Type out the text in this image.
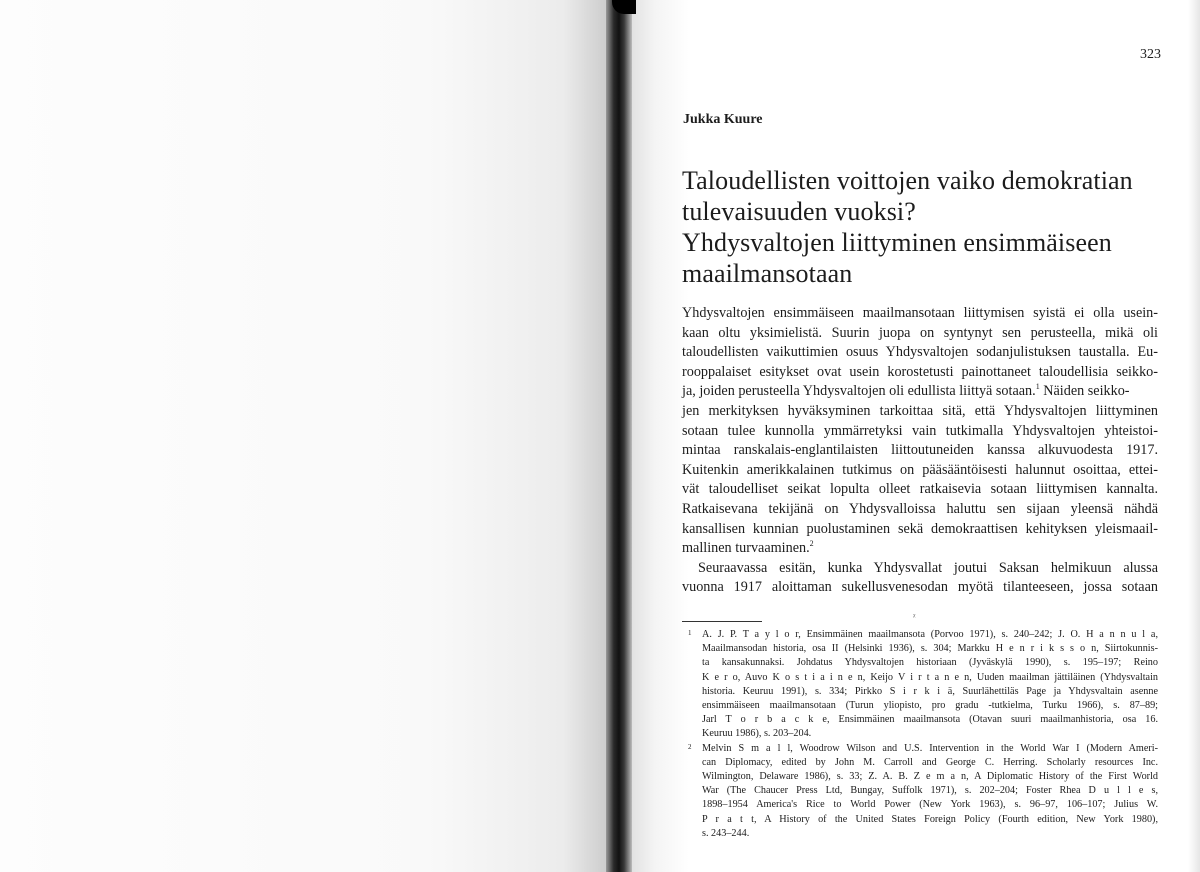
323
Jukka Kuure
Taloudellisten voittojen vaiko demokratian
tulevaisuuden vuoksi?
Yhdysvaltojen liittyminen ensimmäiseen
maailmansotaan
Yhdysvaltojen ensimmäiseen maailmansotaan liittymisen syistä ei olla usein-
kaan oltu yksimielistä. Suurin juopa on syntynyt sen perusteella, mikä oli
taloudellisten vaikuttimien osuus Yhdysvaltojen sodanjulistuksen taustalla. Eu-
rooppalaiset esitykset ovat usein korostetusti painottaneet taloudellisia seikko-
ja, joiden perusteella Yhdysvaltojen oli edullista liittyä sotaan.$^1$ Näiden seikko-
jen merkityksen hyväksyminen tarkoittaa sitä, että Yhdysvaltojen liittyminen
sotaan tulee kunnolla ymmärretyksi vain tutkimalla Yhdysvaltojen yhteistoi-
mintaa ranskalais-englantilaisten liittoutuneiden kanssa alkuvuodesta 1917.
Kuitenkin amerikkalainen tutkimus on pääsääntöisesti halunnut osoittaa, ettei-
vät taloudelliset seikat lopulta olleet ratkaisevia sotaan liittymisen kannalta.
Ratkaisevana tekijänä on Yhdysvalloissa haluttu sen sijaan yleensä nähdä
kansallisen kunnian puolustaminen sekä demokraattisen kehityksen yleismaail-
mallinen turvaaminen.$^2$
Seuraavassa esitän, kunka Yhdysvallat joutui Saksan helmikuun alussa
vuonna 1917 aloittaman sukellusvenesodan myötä tilanteeseen, jossa sotaan
ᵡ
1 A. J. P. T a y l o r, Ensimmäinen maailmansota (Porvoo 1971), s. 240–242; J. O. H a n n u l a,
Maailmansodan historia, osa II (Helsinki 1936), s. 304; Markku H e n r i k s s o n, Siirtokunnis-
ta kansakunnaksi. Johdatus Yhdysvaltojen historiaan (Jyväskylä 1990), s. 195–197; Reino
K e r o, Auvo K o s t i a i n e n, Keijo V i r t a n e n, Uuden maailman jättiläinen (Yhdysvaltain
historia. Keuruu 1991), s. 334; Pirkko S i r k i ä, Suurlähettiläs Page ja Yhdysvaltain asenne
ensimmäiseen maailmansotaan (Turun yliopisto, pro gradu -tutkielma, Turku 1966), s. 87–89;
Jarl T o r b a c k e, Ensimmäinen maailmansota (Otavan suuri maailmanhistoria, osa 16.
Keuruu 1986), s. 203–204.
2 Melvin S m a l l, Woodrow Wilson and U.S. Intervention in the World War I (Modern Ameri-
can Diplomacy, edited by John M. Carroll and George C. Herring. Scholarly resources Inc.
Wilmington, Delaware 1986), s. 33; Z. A. B. Z e m a n, A Diplomatic History of the First World
War (The Chaucer Press Ltd, Bungay, Suffolk 1971), s. 202–204; Foster Rhea D u l l e s,
1898–1954 America's Rice to World Power (New York 1963), s. 96–97, 106–107; Julius W.
P r a t t, A History of the United States Foreign Policy (Fourth edition, New York 1980),
s. 243–244.
